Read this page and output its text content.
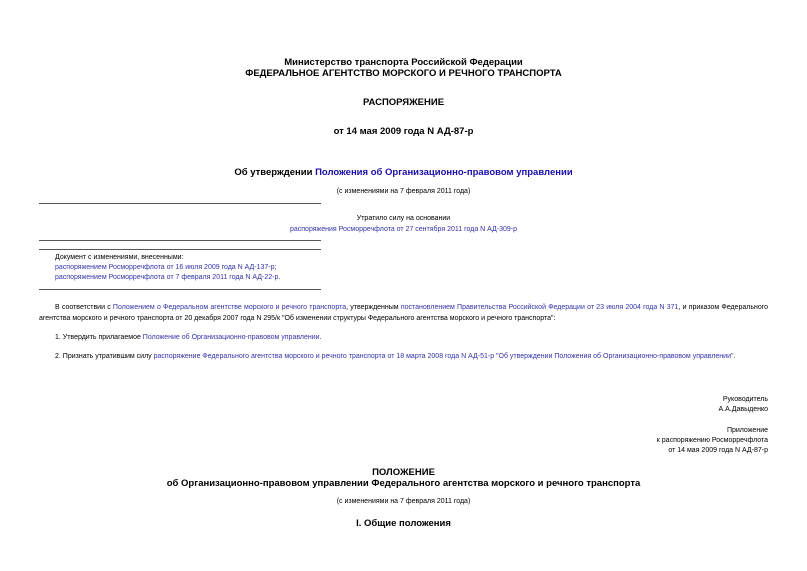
Министерство транспорта Российской Федерации
ФЕДЕРАЛЬНОЕ АГЕНТСТВО МОРСКОГО И РЕЧНОГО ТРАНСПОРТА
РАСПОРЯЖЕНИЕ
от 14 мая 2009 года N АД-87-р
Об утверждении Положения об Организационно-правовом управлении
(с изменениями на 7 февраля 2011 года)
Утратило силу на основании
распоряжения Росморречфлота от 27 сентября 2011 года N АД-309-р
Документ с изменениями, внесенными:
распоряжением Росморречфлота от 16 июля 2009 года N АД-137-р;
распоряжением Росморречфлота от 7 февраля 2011 года N АД-22-р.
В соответствии с Положением о Федеральном агентстве морского и речного транспорта, утвержденным постановлением Правительства Российской Федерации от 23 июля 2004 года N 371, и приказом Федерального агентства морского и речного транспорта от 20 декабря 2007 года N 295/к "Об изменении структуры Федерального агентства морского и речного транспорта":
1. Утвердить прилагаемое Положение об Организационно-правовом управлении.
2. Признать утратившим силу распоряжение Федерального агентства морского и речного транспорта от 18 марта 2008 года N АД-51-р "Об утверждении Положения об Организационно-правовом управлении".
Руководитель
А.А.Давыденко
Приложение
к распоряжению Росморречфлота
от 14 мая 2009 года N АД-87-р
ПОЛОЖЕНИЕ
об Организационно-правовом управлении Федерального агентства морского и речного транспорта
(с изменениями на 7 февраля 2011 года)
I. Общие положения
